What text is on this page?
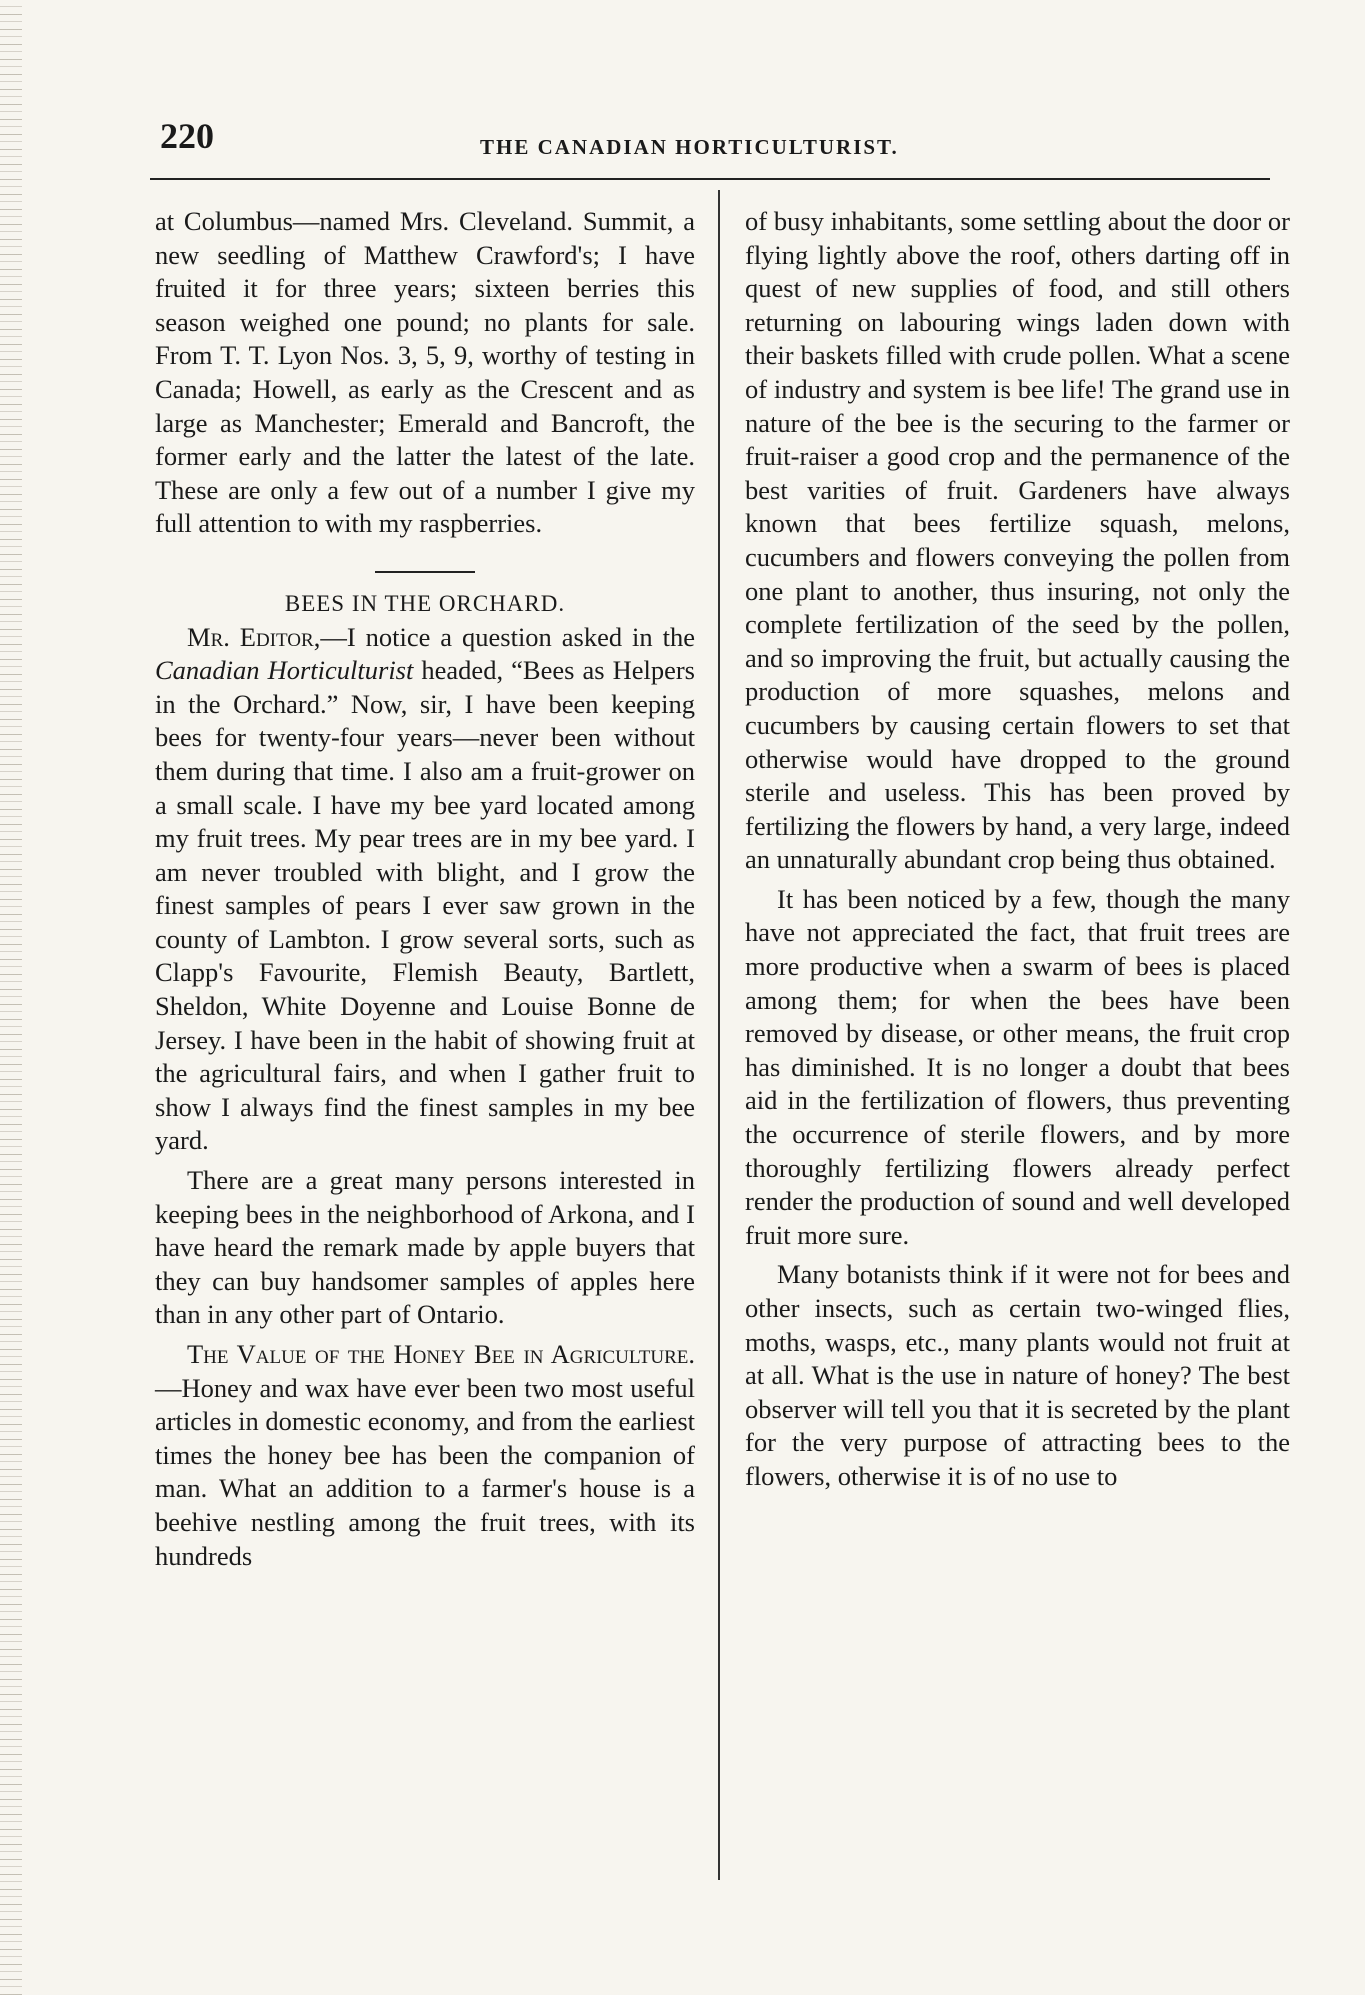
220	THE CANADIAN HORTICULTURIST.

at Columbus—named Mrs. Cleveland. Summit, a new seedling of Matthew Crawford's; I have fruited it for three years; sixteen berries this season weighed one pound; no plants for sale. From T. T. Lyon Nos. 3, 5, 9, worthy of testing in Canada; Howell, as early as the Crescent and as large as Manchester; Emerald and Bancroft, the former early and the latter the latest of the late. These are only a few out of a number I give my full attention to with my raspberries.

BEES IN THE ORCHARD.

Mr. Editor,—I notice a question asked in the Canadian Horticulturist headed, “Bees as Helpers in the Orchard.” Now, sir, I have been keeping bees for twenty-four years—never been without them during that time. I also am a fruit-grower on a small scale. I have my bee yard located among my fruit trees. My pear trees are in my bee yard. I am never troubled with blight, and I grow the finest samples of pears I ever saw grown in the county of Lambton. I grow several sorts, such as Clapp's Favourite, Flemish Beauty, Bartlett, Sheldon, White Doyenne and Louise Bonne de Jersey. I have been in the habit of showing fruit at the agricultural fairs, and when I gather fruit to show I always find the finest samples in my bee yard.

There are a great many persons interested in keeping bees in the neighborhood of Arkona, and I have heard the remark made by apple buyers that they can buy handsomer samples of apples here than in any other part of Ontario.

The Value of the Honey Bee in Agriculture.—Honey and wax have ever been two most useful articles in domestic economy, and from the earliest times the honey bee has been the companion of man. What an addition to a farmer's house is a beehive nestling among the fruit trees, with its hundreds

of busy inhabitants, some settling about the door or flying lightly above the roof, others darting off in quest of new supplies of food, and still others returning on labouring wings laden down with their baskets filled with crude pollen. What a scene of industry and system is bee life! The grand use in nature of the bee is the securing to the farmer or fruit-raiser a good crop and the permanence of the best varities of fruit. Gardeners have always known that bees fertilize squash, melons, cucumbers and flowers conveying the pollen from one plant to another, thus insuring, not only the complete fertilization of the seed by the pollen, and so improving the fruit, but actually causing the production of more squashes, melons and cucumbers by causing certain flowers to set that otherwise would have dropped to the ground sterile and useless. This has been proved by fertilizing the flowers by hand, a very large, indeed an unnaturally abundant crop being thus obtained.

It has been noticed by a few, though the many have not appreciated the fact, that fruit trees are more productive when a swarm of bees is placed among them; for when the bees have been removed by disease, or other means, the fruit crop has diminished. It is no longer a doubt that bees aid in the fertilization of flowers, thus preventing the occurrence of sterile flowers, and by more thoroughly fertilizing flowers already perfect render the production of sound and well developed fruit more sure.

Many botanists think if it were not for bees and other insects, such as certain two-winged flies, moths, wasps, etc., many plants would not fruit at at all. What is the use in nature of honey? The best observer will tell you that it is secreted by the plant for the very purpose of attracting bees to the flowers, otherwise it is of no use to
